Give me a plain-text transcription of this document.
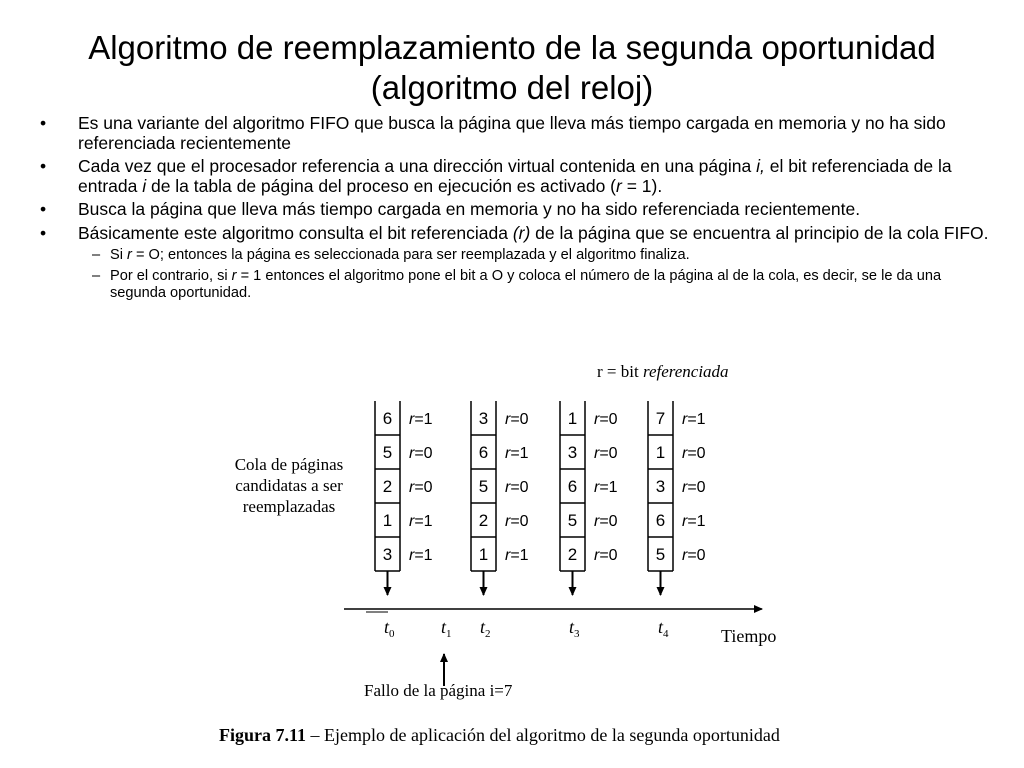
Algoritmo de reemplazamiento de la segunda oportunidad
(algoritmo del reloj)
• Es una variante del algoritmo FIFO que busca la página que lleva más tiempo cargada en memoria y no ha sido referenciada recientemente
• Cada vez que el procesador referencia a una dirección virtual contenida en una página i, el bit referenciada de la entrada i de la tabla de página del proceso en ejecución es activado (r = 1).
• Busca la página que lleva más tiempo cargada en memoria y no ha sido referenciada recientemente.
• Básicamente este algoritmo consulta el bit referenciada (r) de la página que se encuentra al principio de la cola FIFO.
– Si r = O; entonces la página es seleccionada para ser reemplazada y el algoritmo finaliza.
– Por el contrario, si r = 1 entonces el algoritmo pone el bit a O y coloca el número de la página al de la cola, es decir, se le da una segunda oportunidad.
r = bit referenciada
Cola de páginas
candidatas a ser
reemplazadas
6
5
2
1
3
r=1
r=0
r=0
r=1
r=1
3
6
5
2
1
r=0
r=1
r=0
r=0
r=1
1
3
6
5
2
r=0
r=0
r=1
r=0
r=0
7
1
3
6
5
r=1
r=0
r=0
r=1
r=0
$t_0$	$t_1$ $t_2$	$t_3$	$t_4$	Tiempo
Fallo de la página i=7
Figura 7.11 – Ejemplo de aplicación del algoritmo de la segunda oportunidad
